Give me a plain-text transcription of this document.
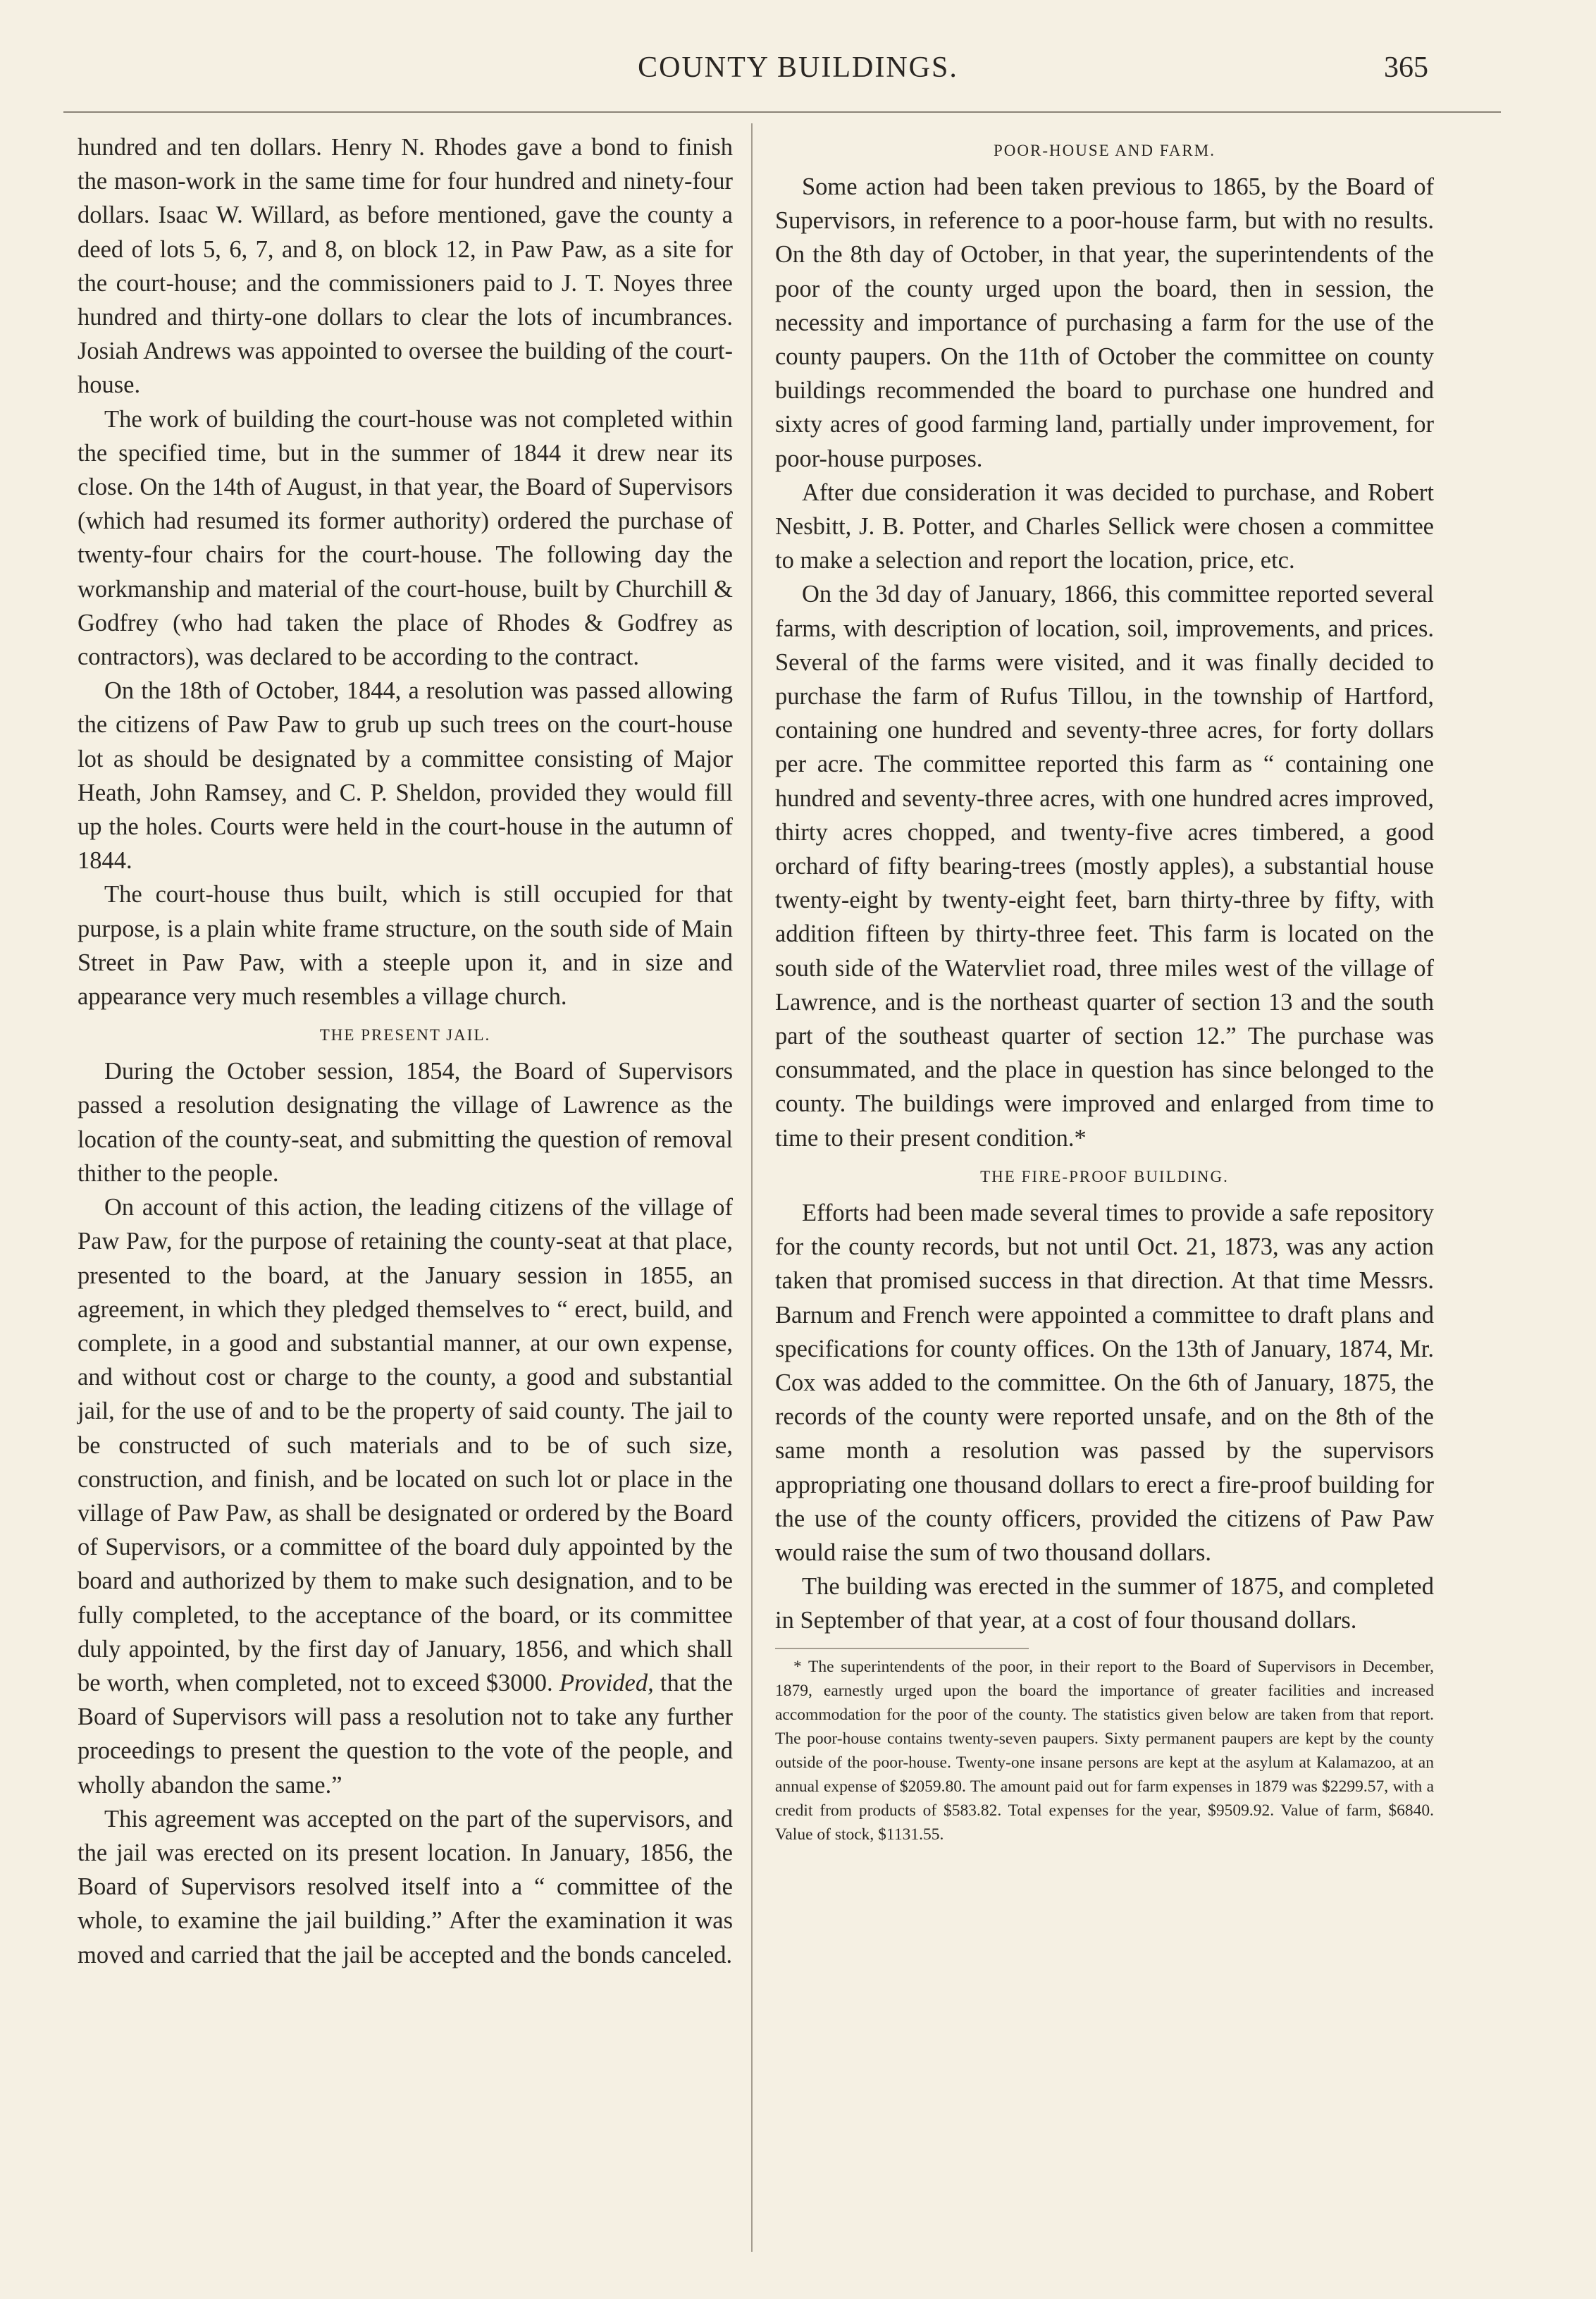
COUNTY BUILDINGS.	365

hundred and ten dollars. Henry N. Rhodes gave a bond to finish the mason-work in the same time for four hundred and ninety-four dollars. Isaac W. Willard, as before mentioned, gave the county a deed of lots 5, 6, 7, and 8, on block 12, in Paw Paw, as a site for the court-house; and the commissioners paid to J. T. Noyes three hundred and thirty-one dollars to clear the lots of incumbrances. Josiah Andrews was appointed to oversee the building of the court-house.

The work of building the court-house was not completed within the specified time, but in the summer of 1844 it drew near its close. On the 14th of August, in that year, the Board of Supervisors (which had resumed its former authority) ordered the purchase of twenty-four chairs for the court-house. The following day the workmanship and material of the court-house, built by Churchill & Godfrey (who had taken the place of Rhodes & Godfrey as contractors), was declared to be according to the contract.

On the 18th of October, 1844, a resolution was passed allowing the citizens of Paw Paw to grub up such trees on the court-house lot as should be designated by a committee consisting of Major Heath, John Ramsey, and C. P. Sheldon, provided they would fill up the holes. Courts were held in the court-house in the autumn of 1844.

The court-house thus built, which is still occupied for that purpose, is a plain white frame structure, on the south side of Main Street in Paw Paw, with a steeple upon it, and in size and appearance very much resembles a village church.

THE PRESENT JAIL.

During the October session, 1854, the Board of Supervisors passed a resolution designating the village of Lawrence as the location of the county-seat, and submitting the question of removal thither to the people.

On account of this action, the leading citizens of the village of Paw Paw, for the purpose of retaining the county-seat at that place, presented to the board, at the January session in 1855, an agreement, in which they pledged themselves to “ erect, build, and complete, in a good and substantial manner, at our own expense, and without cost or charge to the county, a good and substantial jail, for the use of and to be the property of said county. The jail to be constructed of such materials and to be of such size, construction, and finish, and be located on such lot or place in the village of Paw Paw, as shall be designated or ordered by the Board of Supervisors, or a committee of the board duly appointed by the board and authorized by them to make such designation, and to be fully completed, to the acceptance of the board, or its committee duly appointed, by the first day of January, 1856, and which shall be worth, when completed, not to exceed $3000. Provided, that the Board of Supervisors will pass a resolution not to take any further proceedings to present the question to the vote of the people, and wholly abandon the same.”

This agreement was accepted on the part of the supervisors, and the jail was erected on its present location. In January, 1856, the Board of Supervisors resolved itself into a “ committee of the whole, to examine the jail building.” After the examination it was moved and carried that the jail be accepted and the bonds canceled.

POOR-HOUSE AND FARM.

Some action had been taken previous to 1865, by the Board of Supervisors, in reference to a poor-house farm, but with no results. On the 8th day of October, in that year, the superintendents of the poor of the county urged upon the board, then in session, the necessity and importance of purchasing a farm for the use of the county paupers. On the 11th of October the committee on county buildings recommended the board to purchase one hundred and sixty acres of good farming land, partially under improvement, for poor-house purposes.

After due consideration it was decided to purchase, and Robert Nesbitt, J. B. Potter, and Charles Sellick were chosen a committee to make a selection and report the location, price, etc.

On the 3d day of January, 1866, this committee reported several farms, with description of location, soil, improvements, and prices. Several of the farms were visited, and it was finally decided to purchase the farm of Rufus Tillou, in the township of Hartford, containing one hundred and seventy-three acres, for forty dollars per acre. The committee reported this farm as “ containing one hundred and seventy-three acres, with one hundred acres improved, thirty acres chopped, and twenty-five acres timbered, a good orchard of fifty bearing-trees (mostly apples), a substantial house twenty-eight by twenty-eight feet, barn thirty-three by fifty, with addition fifteen by thirty-three feet. This farm is located on the south side of the Watervliet road, three miles west of the village of Lawrence, and is the northeast quarter of section 13 and the south part of the southeast quarter of section 12.” The purchase was consummated, and the place in question has since belonged to the county. The buildings were improved and enlarged from time to time to their present condition.*

THE FIRE-PROOF BUILDING.

Efforts had been made several times to provide a safe repository for the county records, but not until Oct. 21, 1873, was any action taken that promised success in that direction. At that time Messrs. Barnum and French were appointed a committee to draft plans and specifications for county offices. On the 13th of January, 1874, Mr. Cox was added to the committee. On the 6th of January, 1875, the records of the county were reported unsafe, and on the 8th of the same month a resolution was passed by the supervisors appropriating one thousand dollars to erect a fire-proof building for the use of the county officers, provided the citizens of Paw Paw would raise the sum of two thousand dollars.

The building was erected in the summer of 1875, and completed in September of that year, at a cost of four thousand dollars.

* The superintendents of the poor, in their report to the Board of Supervisors in December, 1879, earnestly urged upon the board the importance of greater facilities and increased accommodation for the poor of the county. The statistics given below are taken from that report. The poor-house contains twenty-seven paupers. Sixty permanent paupers are kept by the county outside of the poor-house. Twenty-one insane persons are kept at the asylum at Kalamazoo, at an annual expense of $2059.80. The amount paid out for farm expenses in 1879 was $2299.57, with a credit from products of $583.82. Total expenses for the year, $9509.92. Value of farm, $6840. Value of stock, $1131.55.
